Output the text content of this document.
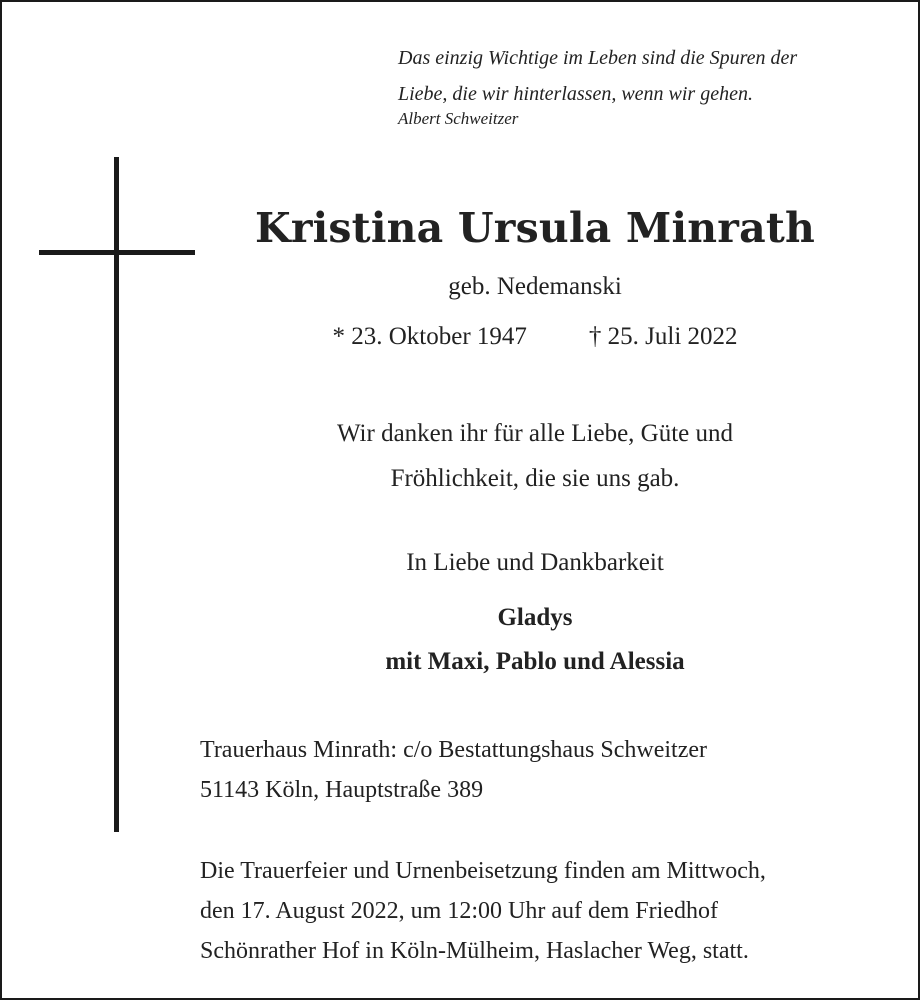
Das einzig Wichtige im Leben sind die Spuren der
Liebe, die wir hinterlassen, wenn wir gehen.
Albert Schweitzer
Kristina Ursula Minrath
geb. Nedemanski
* 23. Oktober 1947 † 25. Juli 2022
Wir danken ihr für alle Liebe, Güte und
Fröhlichkeit, die sie uns gab.
In Liebe und Dankbarkeit
Gladys
mit Maxi, Pablo und Alessia
Trauerhaus Minrath: c/o Bestattungshaus Schweitzer
51143 Köln, Hauptstraße 389
Die Trauerfeier und Urnenbeisetzung finden am Mittwoch,
den 17. August 2022, um 12:00 Uhr auf dem Friedhof
Schönrather Hof in Köln-Mülheim, Haslacher Weg, statt.
